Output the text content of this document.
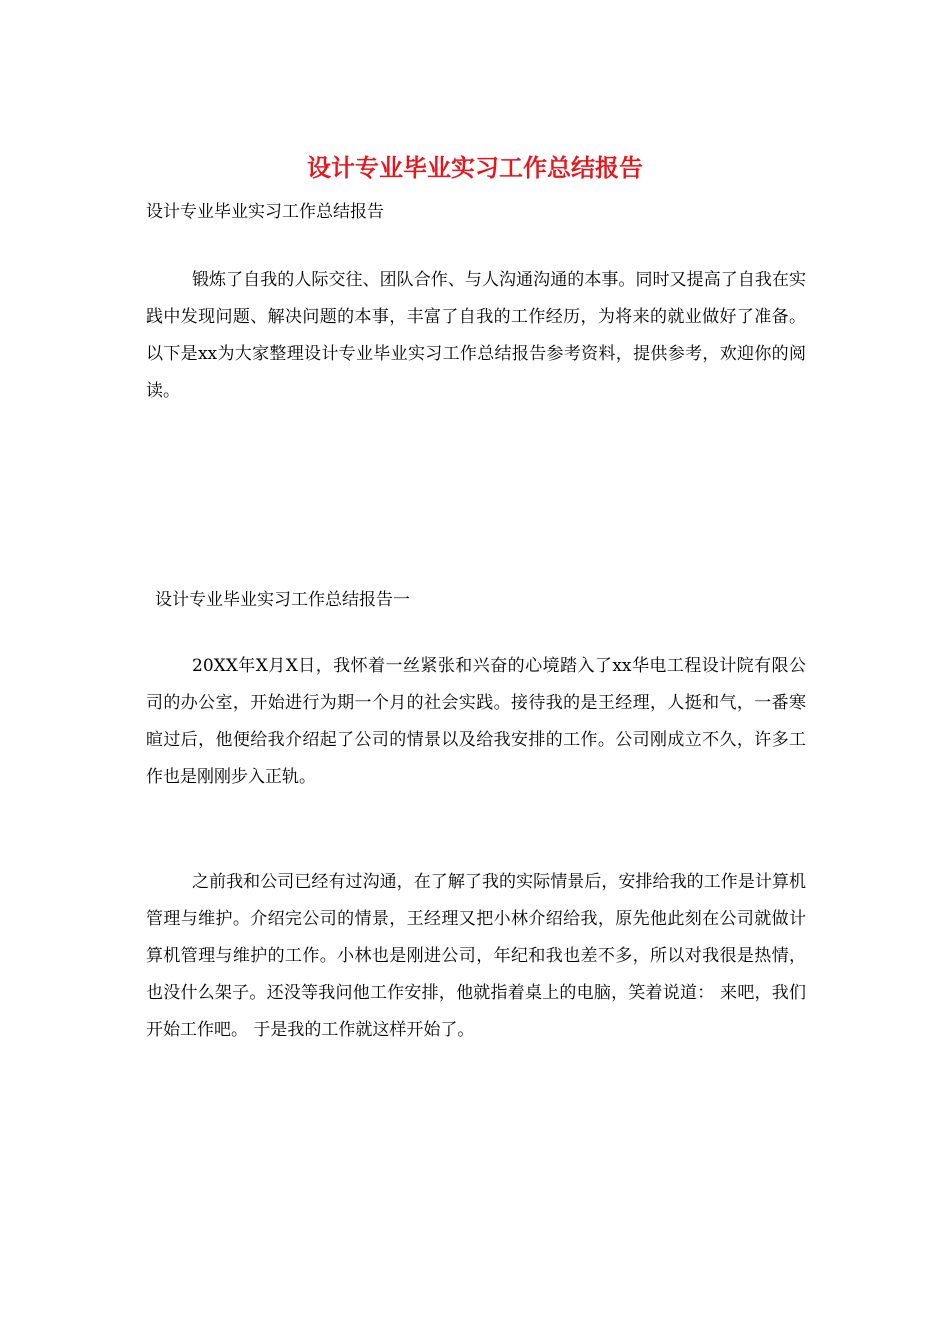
设计专业毕业实习工作总结报告
设计专业毕业实习工作总结报告

锻炼了自我的人际交往、团队合作、与人沟通沟通的本事。同时又提高了自我在实践中发现问题、解决问题的本事，丰富了自我的工作经历，为将来的就业做好了准备。以下是xx为大家整理设计专业毕业实习工作总结报告参考资料，提供参考，欢迎你的阅读。

设计专业毕业实习工作总结报告一

20XX年X月X日，我怀着一丝紧张和兴奋的心境踏入了xx华电工程设计院有限公司的办公室，开始进行为期一个月的社会实践。接待我的是王经理，人挺和气，一番寒暄过后，他便给我介绍起了公司的情景以及给我安排的工作。公司刚成立不久，许多工作也是刚刚步入正轨。

之前我和公司已经有过沟通，在了解了我的实际情景后，安排给我的工作是计算机管理与维护。介绍完公司的情景，王经理又把小林介绍给我，原先他此刻在公司就做计算机管理与维护的工作。小林也是刚进公司，年纪和我也差不多，所以对我很是热情，也没什么架子。还没等我问他工作安排，他就指着桌上的电脑，笑着说道： 来吧，我们开始工作吧。 于是我的工作就这样开始了。
